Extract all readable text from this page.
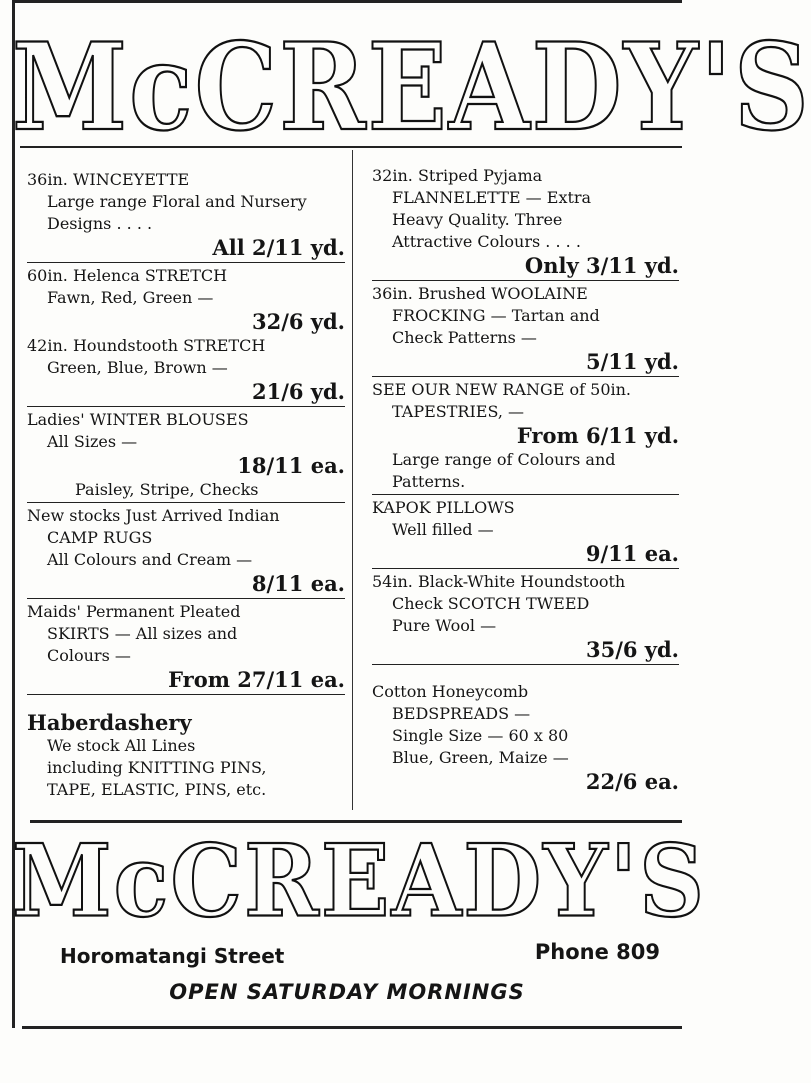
McCREADY'S
36in. WINCEYETTE
Large range Floral and Nursery
Designs . . . .
All 2/11 yd.
60in. Helenca STRETCH
Fawn, Red, Green —
32/6 yd.
42in. Houndstooth STRETCH
Green, Blue, Brown —
21/6 yd.
Ladies' WINTER BLOUSES
All Sizes —
18/11 ea.
Paisley, Stripe, Checks
New stocks Just Arrived Indian
CAMP RUGS
All Colours and Cream —
8/11 ea.
Maids' Permanent Pleated
SKIRTS — All sizes and
Colours —
From 27/11 ea.
Haberdashery
We stock All Lines
including KNITTING PINS,
TAPE, ELASTIC, PINS, etc.
32in. Striped Pyjama
FLANNELETTE — Extra
Heavy Quality. Three
Attractive Colours . . . .
Only 3/11 yd.
36in. Brushed WOOLAINE
FROCKING — Tartan and
Check Patterns —
5/11 yd.
SEE OUR NEW RANGE of 50in.
TAPESTRIES, —
From 6/11 yd.
Large range of Colours and
Patterns.
KAPOK PILLOWS
Well filled —
9/11 ea.
54in. Black-White Houndstooth
Check SCOTCH TWEED
Pure Wool —
35/6 yd.
Cotton Honeycomb
BEDSPREADS —
Single Size — 60 x 80
Blue, Green, Maize —
22/6 ea.
McCREADY'S
Horomatangi Street	Phone 809
OPEN SATURDAY MORNINGS
